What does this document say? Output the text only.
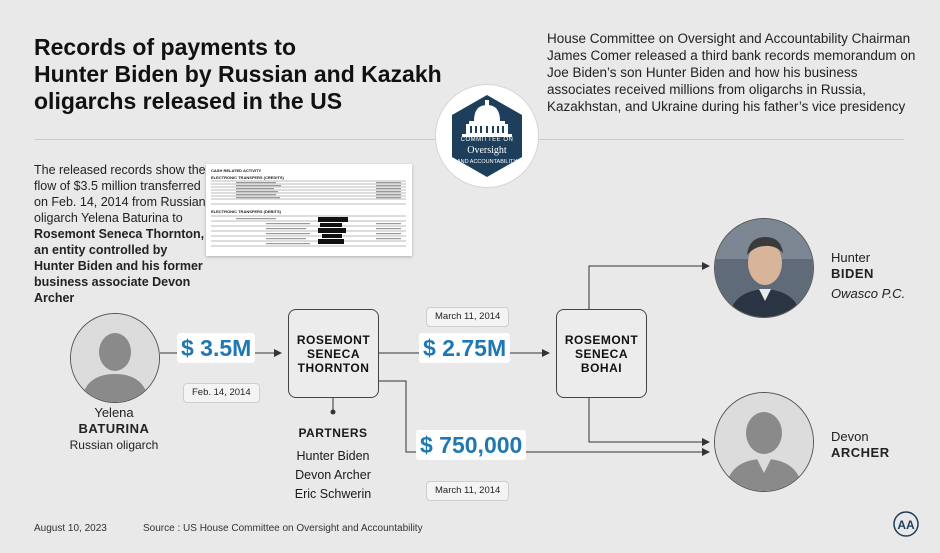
Records of payments to
Hunter Biden by Russian and Kazakh
oligarchs released in the US
House Committee on Oversight and Accountability Chairman James Comer released a third bank records memorandum on Joe Biden’s son Hunter Biden and how his business associates received millions from oligarchs in Russia, Kazakhstan, and Ukraine during his father’s vice presidency
COMMITTEE ON
Oversight
AND ACCOUNTABILITY
The released records show the flow of $3.5 million transferred on Feb. 14, 2014 from Russian oligarch Yelena Baturina to Rosemont Seneca Thornton, an entity controlled by Hunter Biden and his former business associate Devon Archer
CASH RELATED ACTIVITY
ELECTRONIC TRANSFERS (CREDITS)
ELECTRONIC TRANSFERS (DEBITS)
Yelena
BATURINA
Russian oligarch
ROSEMONT
SENECA
THORNTON
ROSEMONT
SENECA
BOHAI
$ 3.5M
Feb. 14, 2014
March 11, 2014
$ 2.75M
$ 750,000
March 11, 2014
PARTNERS
Hunter Biden
Devon Archer
Eric Schwerin
Hunter
BIDEN
Owasco P.C.
Devon
ARCHER
August 10, 2023	Source : US House Committee on Oversight and Accountability	AA
